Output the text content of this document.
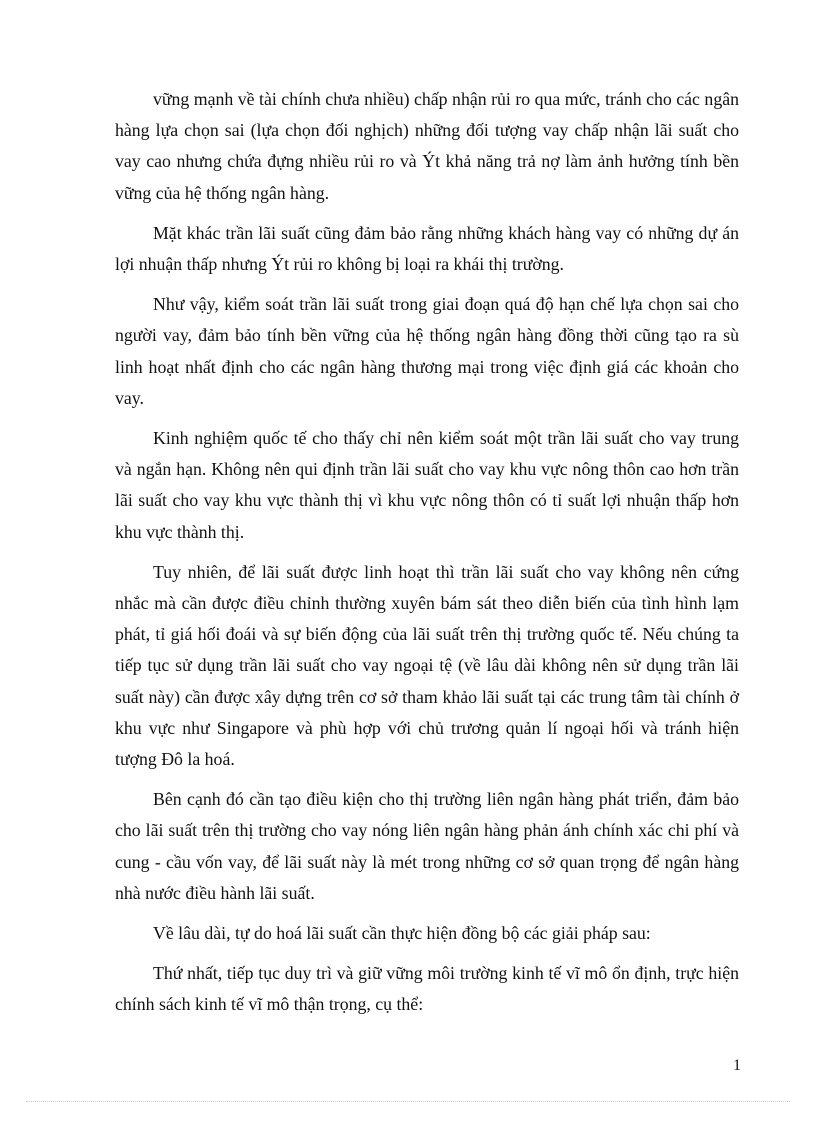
vững mạnh về tài chính chưa nhiều) chấp nhận rủi ro qua mức, tránh cho các ngân hàng lựa chọn sai (lựa chọn đối nghịch) những đối tượng vay chấp nhận lãi suất cho vay cao nhưng chứa đựng nhiều rủi ro và Ýt khả năng trả nợ làm ảnh hưởng tính bền vững của hệ thống ngân hàng.

Mặt khác trần lãi suất cũng đảm bảo rằng những khách hàng vay có những dự án lợi nhuận thấp nhưng Ýt rủi ro không bị loại ra khái thị trường.

Như vậy, kiểm soát trần lãi suất trong giai đoạn quá độ hạn chế lựa chọn sai cho người vay, đảm bảo tính bền vững của hệ thống ngân hàng đồng thời cũng tạo ra sù linh hoạt nhất định cho các ngân hàng thương mại trong việc định giá các khoản cho vay.

Kinh nghiệm quốc tế cho thấy chỉ nên kiểm soát một trần lãi suất cho vay trung và ngắn hạn. Không nên qui định trần lãi suất cho vay khu vực nông thôn cao hơn trần lãi suất cho vay khu vực thành thị vì khu vực nông thôn có tỉ suất lợi nhuận thấp hơn khu vực thành thị.

Tuy nhiên, để lãi suất được linh hoạt thì trần lãi suất cho vay không nên cứng nhắc mà cần được điều chỉnh thường xuyên bám sát theo diễn biến của tình hình lạm phát, tỉ giá hối đoái và sự biến động của lãi suất trên thị trường quốc tế. Nếu chúng ta tiếp tục sử dụng trần lãi suất cho vay ngoại tệ (về lâu dài không nên sử dụng trần lãi suất này) cần được xây dựng trên cơ sở tham khảo lãi suất tại các trung tâm tài chính ở khu vực như Singapore và phù hợp với chủ trương quản lí ngoại hối và tránh hiện tượng Đô la hoá.

Bên cạnh đó cần tạo điều kiện cho thị trường liên ngân hàng phát triển, đảm bảo cho lãi suất trên thị trường cho vay nóng liên ngân hàng phản ánh chính xác chi phí và cung - cầu vốn vay, để lãi suất này là mét trong những cơ sở quan trọng để ngân hàng nhà nước điều hành lãi suất.

Về lâu dài, tự do hoá lãi suất cần thực hiện đồng bộ các giải pháp sau:

Thứ nhất, tiếp tục duy trì và giữ vững môi trường kinh tế vĩ mô ổn định, trực hiện chính sách kinh tế vĩ mô thận trọng, cụ thể:

1
